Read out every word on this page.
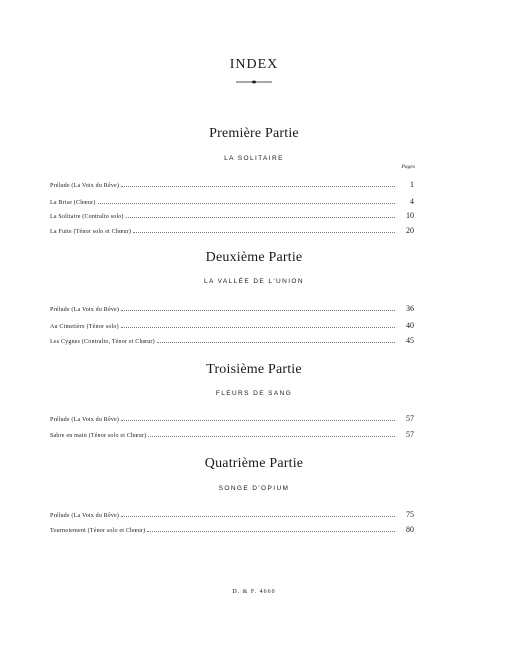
INDEX
Première Partie
LA SOLITAIRE
Pages
Prélude (La Voix du Rêve)	1
La Brise (Chœur)	4
La Solitaire (Contralto solo)	10
La Fuite (Ténor solo et Chœur)	20
Deuxième Partie
LA VALLÉE DE L'UNION
Prélude (La Voix du Rêve)	36
Au Cimetière (Ténor solo)	40
Les Cygnes (Contralto, Ténor et Chœur)	45
Troisième Partie
FLEURS DE SANG
Prélude (La Voix du Rêve)	57
Sabre en main (Ténor solo et Chœur)	57
Quatrième Partie
SONGE D'OPIUM
Prélude (La Voix du Rêve)	75
Tournoiement (Ténor solo et Chœur)	80
D. & F. 4660
